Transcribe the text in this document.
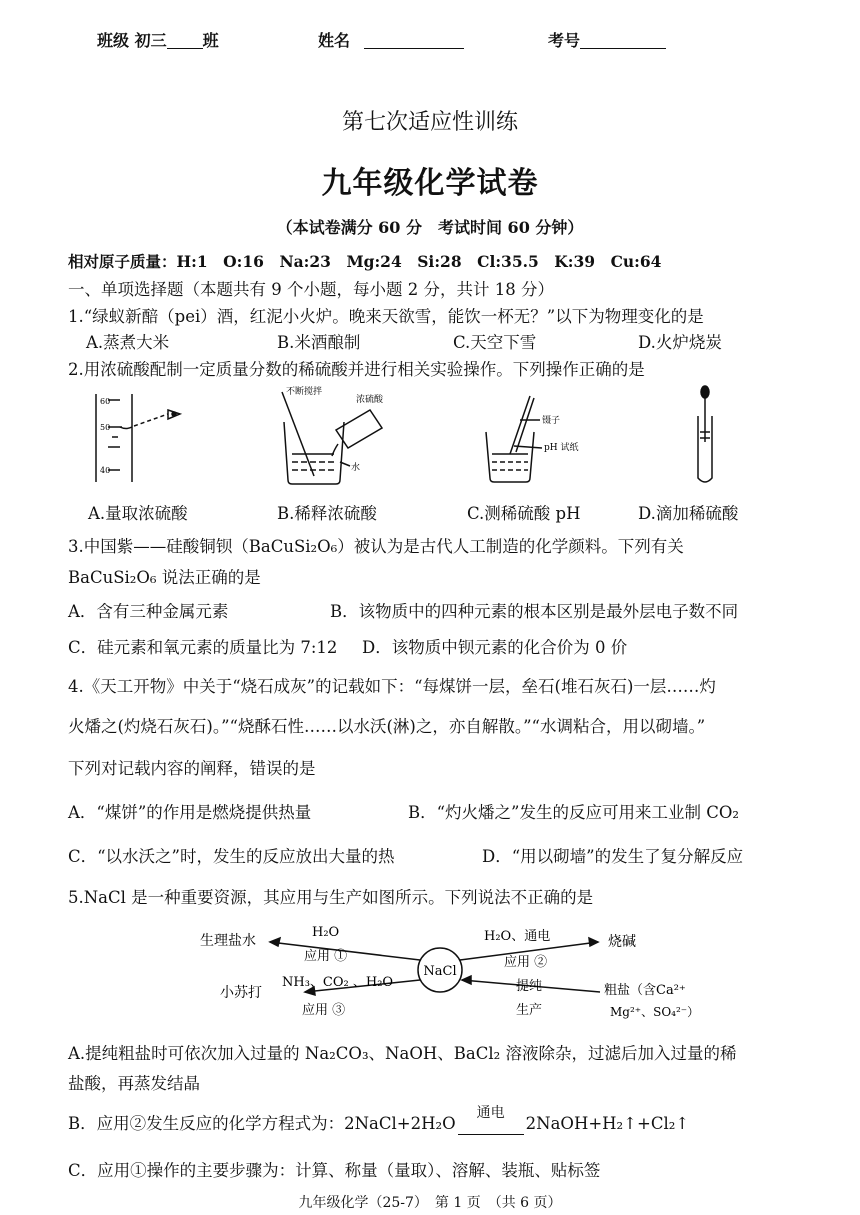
班级 初三 班	姓名	考号
第七次适应性训练
九年级化学试卷
（本试卷满分 60 分　考试时间 60 分钟）
相对原子质量：H:1　O:16　Na:23　Mg:24　Si:28　Cl:35.5　K:39　Cu:64
一、单项选择题（本题共有 9 个小题，每小题 2 分，共计 18 分）
1.“绿蚁新醅（pei）酒，红泥小火炉。晚来天欲雪，能饮一杯无？”以下为物理变化的是
A.蒸煮大米	B.米酒酿制	C.天空下雪	D.火炉烧炭
2.用浓硫酸配制一定质量分数的稀硫酸并进行相关实验操作。下列操作正确的是
60
50
40
不断搅拌
浓硫酸
水
镊子
pH 试纸
A.量取浓硫酸	B.稀释浓硫酸	C.测稀硫酸 pH	D.滴加稀硫酸
3.中国紫——硅酸铜钡（BaCuSi₂O₆）被认为是古代人工制造的化学颜料。下列有关
BaCuSi₂O₆ 说法正确的是
A．含有三种金属元素	B．该物质中的四种元素的根本区别是最外层电子数不同
C．硅元素和氧元素的质量比为 7:12 D．该物质中钡元素的化合价为 0 价
4.《天工开物》中关于“烧石成灰”的记载如下：“每煤饼一层，垒石(堆石灰石)一层……灼
火燔之(灼烧石灰石)。”“烧酥石性……以水沃(淋)之，亦自解散。”“水调粘合，用以砌墙。”
下列对记载内容的阐释，错误的是
A．“煤饼”的作用是燃烧提供热量	B．“灼火燔之”发生的反应可用来工业制 CO₂
C．“以水沃之”时，发生的反应放出大量的热	D．“用以砌墙”的发生了复分解反应
5.NaCl 是一种重要资源，其应用与生产如图所示。下列说法不正确的是
NaCl
生理盐水
H₂O
应用 ①
小苏打
NH₃、CO₂ 、H₂O
应用 ③
H₂O、通电
应用 ②
烧碱
提纯
生产
粗盐（含Ca²⁺
Mg²⁺、SO₄²⁻）
A.提纯粗盐时可依次加入过量的 Na₂CO₃、NaOH、BaCl₂ 溶液除杂，过滤后加入过量的稀
盐酸，再蒸发结晶
B．应用②发生反应的化学方程式为：$2NaCl+2H_2O^{通电}2NaOH+H_2↑+Cl_2↑$
C．应用①操作的主要步骤为：计算、称量（量取）、溶解、装瓶、贴标签
九年级化学（25-7）　第 1 页　（共 6 页）
